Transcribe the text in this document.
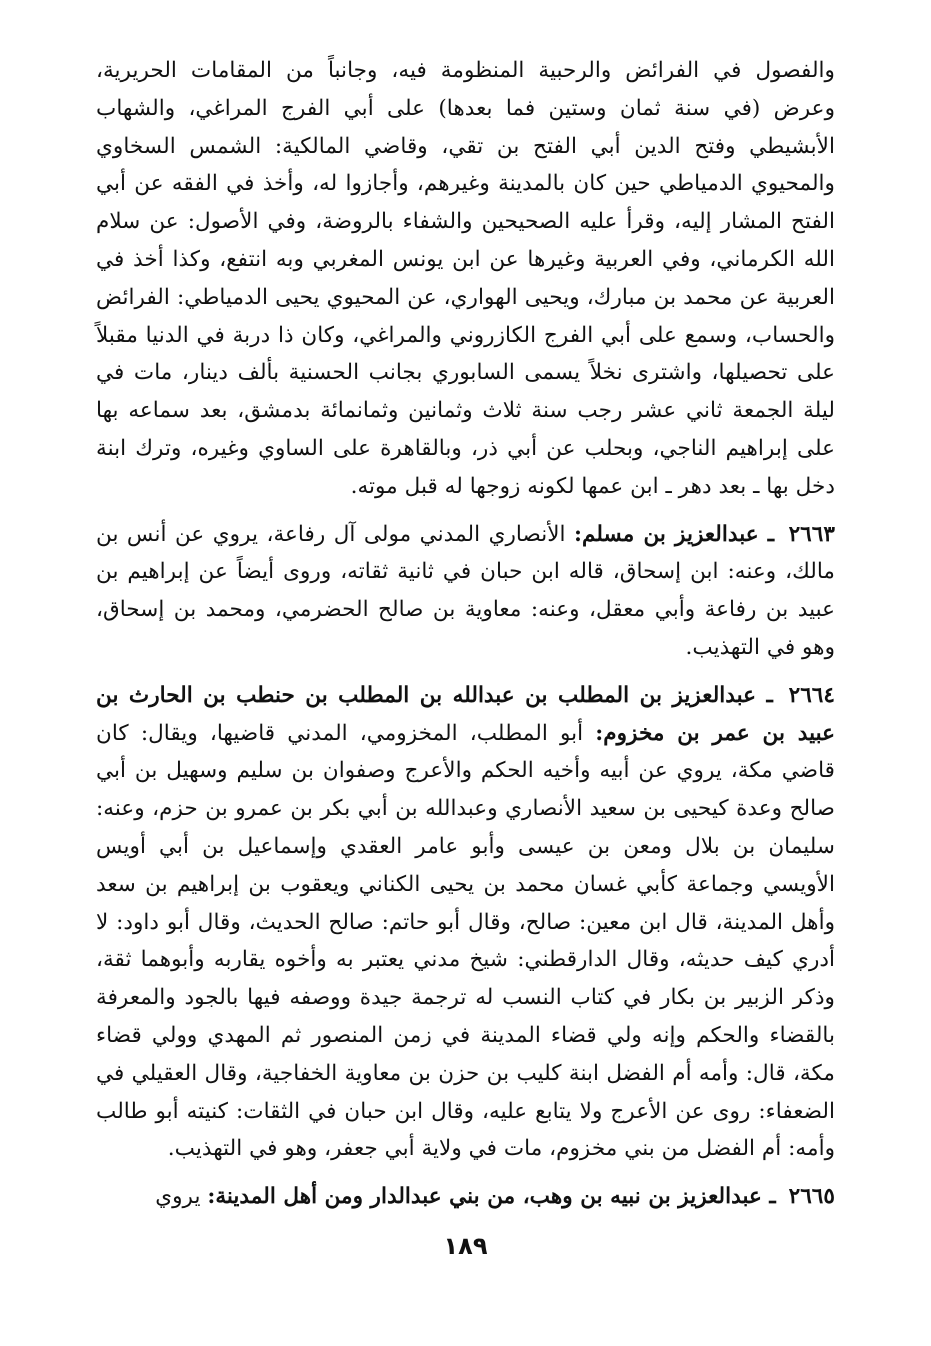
والفصول في الفرائض والرحبية المنظومة فيه، وجانباً من المقامات الحريرية، وعرض (في سنة ثمان وستين فما بعدها) على أبي الفرج المراغي، والشهاب الأبشيطي وفتح الدين أبي الفتح بن تقي، وقاضي المالكية: الشمس السخاوي والمحيوي الدمياطي حين كان بالمدينة وغيرهم، وأجازوا له، وأخذ في الفقه عن أبي الفتح المشار إليه، وقرأ عليه الصحيحين والشفاء بالروضة، وفي الأصول: عن سلام الله الكرماني، وفي العربية وغيرها عن ابن يونس المغربي وبه انتفع، وكذا أخذ في العربية عن محمد بن مبارك، ويحيى الهواري، عن المحيوي يحيى الدمياطي: الفرائض والحساب، وسمع على أبي الفرج الكازروني والمراغي، وكان ذا دربة في الدنيا مقبلاً على تحصيلها، واشترى نخلاً يسمى السابوري بجانب الحسنية بألف دينار، مات في ليلة الجمعة ثاني عشر رجب سنة ثلاث وثمانين وثمانمائة بدمشق، بعد سماعه بها على إبراهيم الناجي، وبحلب عن أبي ذر، وبالقاهرة على الساوي وغيره، وترك ابنة دخل بها ـ بعد دهر ـ ابن عمها لكونه زوجها له قبل موته.

٢٦٦٣ ـ عبدالعزيز بن مسلم: الأنصاري المدني مولى آل رفاعة، يروي عن أنس بن مالك، وعنه: ابن إسحاق، قاله ابن حبان في ثانية ثقاته، وروى أيضاً عن إبراهيم بن عبيد بن رفاعة وأبي معقل، وعنه: معاوية بن صالح الحضرمي، ومحمد بن إسحاق، وهو في التهذيب.

٢٦٦٤ ـ عبدالعزيز بن المطلب بن عبدالله بن المطلب بن حنطب بن الحارث بن عبيد بن عمر بن مخزوم: أبو المطلب، المخزومي، المدني قاضيها، ويقال: كان قاضي مكة، يروي عن أبيه وأخيه الحكم والأعرج وصفوان بن سليم وسهيل بن أبي صالح وعدة كيحيى بن سعيد الأنصاري وعبدالله بن أبي بكر بن عمرو بن حزم، وعنه: سليمان بن بلال ومعن بن عيسى وأبو عامر العقدي وإسماعيل بن أبي أويس الأويسي وجماعة كأبي غسان محمد بن يحيى الكناني ويعقوب بن إبراهيم بن سعد وأهل المدينة، قال ابن معين: صالح، وقال أبو حاتم: صالح الحديث، وقال أبو داود: لا أدري كيف حديثه، وقال الدارقطني: شيخ مدني يعتبر به وأخوه يقاربه وأبوهما ثقة، وذكر الزبير بن بكار في كتاب النسب له ترجمة جيدة ووصفه فيها بالجود والمعرفة بالقضاء والحكم وإنه ولي قضاء المدينة في زمن المنصور ثم المهدي وولي قضاء مكة، قال: وأمه أم الفضل ابنة كليب بن حزن بن معاوية الخفاجية، وقال العقيلي في الضعفاء: روى عن الأعرج ولا يتابع عليه، وقال ابن حبان في الثقات: كنيته أبو طالب وأمه: أم الفضل من بني مخزوم، مات في ولاية أبي جعفر، وهو في التهذيب.

٢٦٦٥ ـ عبدالعزيز بن نبيه بن وهب، من بني عبدالدار ومن أهل المدينة: يروي

١٨٩
